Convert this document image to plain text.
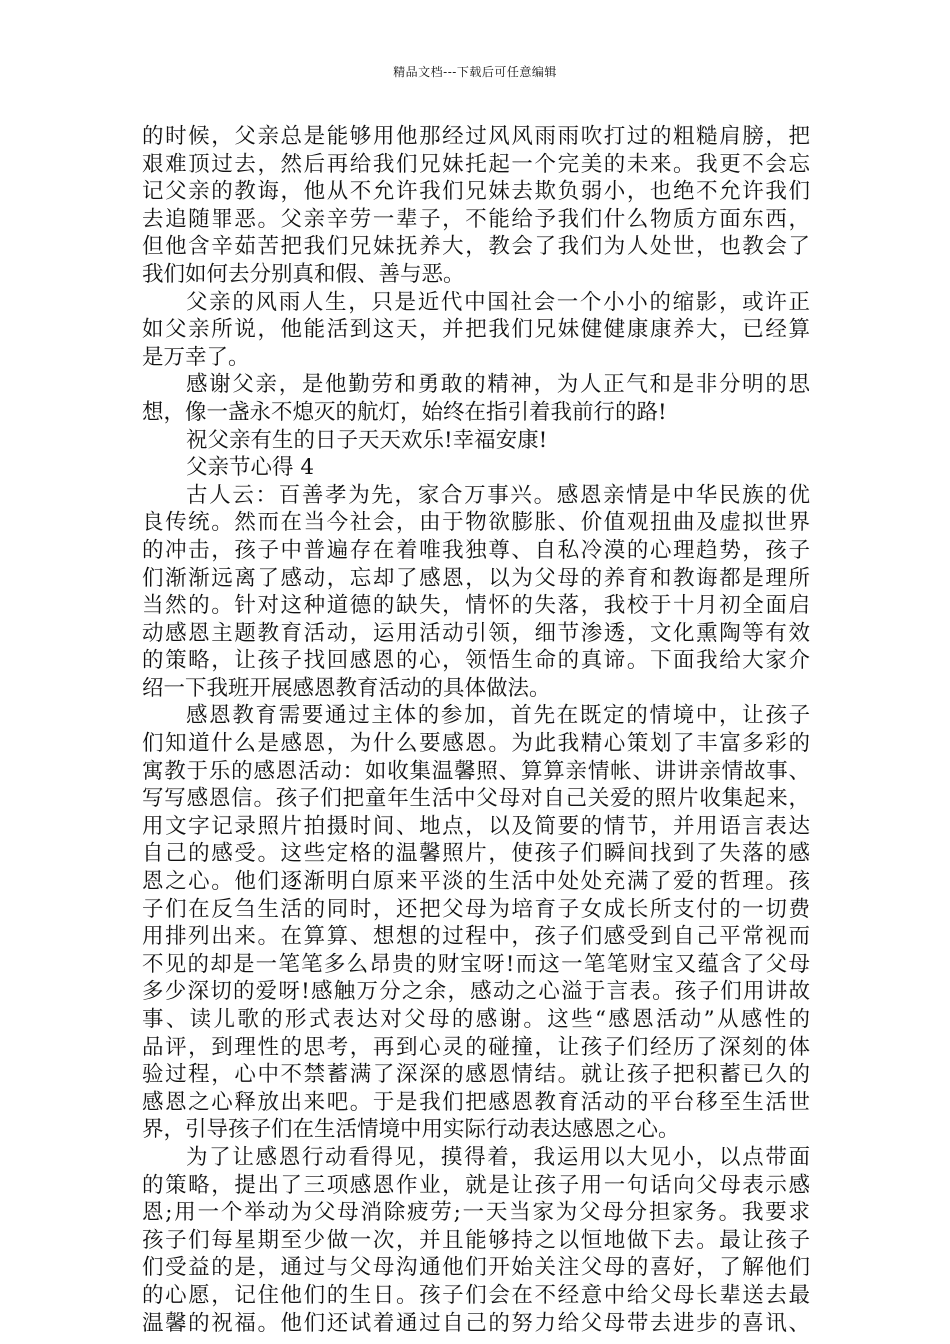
精品文档---下载后可任意编辑
的时候，父亲总是能够用他那经过风风雨雨吹打过的粗糙肩膀，把
艰难顶过去，然后再给我们兄妹托起一个完美的未来。我更不会忘
记父亲的教诲，他从不允许我们兄妹去欺负弱小，也绝不允许我们
去追随罪恶。父亲辛劳一辈子，不能给予我们什么物质方面东西，
但他含辛茹苦把我们兄妹抚养大，教会了我们为人处世，也教会了
我们如何去分别真和假、善与恶。
父亲的风雨人生，只是近代中国社会一个小小的缩影，或许正
如父亲所说，他能活到这天，并把我们兄妹健健康康养大，已经算
是万幸了。
感谢父亲，是他勤劳和勇敢的精神，为人正气和是非分明的思
想，像一盏永不熄灭的航灯，始终在指引着我前行的路!
祝父亲有生的日子天天欢乐!幸福安康!
父亲节心得 4
古人云：百善孝为先，家合万事兴。感恩亲情是中华民族的优
良传统。然而在当今社会，由于物欲膨胀、价值观扭曲及虚拟世界
的冲击，孩子中普遍存在着唯我独尊、自私冷漠的心理趋势，孩子
们渐渐远离了感动，忘却了感恩，以为父母的养育和教诲都是理所
当然的。针对这种道德的缺失，情怀的失落，我校于十月初全面启
动感恩主题教育活动，运用活动引领，细节渗透，文化熏陶等有效
的策略，让孩子找回感恩的心，领悟生命的真谛。下面我给大家介
绍一下我班开展感恩教育活动的具体做法。
感恩教育需要通过主体的参加，首先在既定的情境中，让孩子
们知道什么是感恩，为什么要感恩。为此我精心策划了丰富多彩的
寓教于乐的感恩活动：如收集温馨照、算算亲情帐、讲讲亲情故事、
写写感恩信。孩子们把童年生活中父母对自己关爱的照片收集起来，
用文字记录照片拍摄时间、地点，以及简要的情节，并用语言表达
自己的感受。这些定格的温馨照片，使孩子们瞬间找到了失落的感
恩之心。他们逐渐明白原来平淡的生活中处处充满了爱的哲理。孩
子们在反刍生活的同时，还把父母为培育子女成长所支付的一切费
用排列出来。在算算、想想的过程中，孩子们感受到自己平常视而
不见的却是一笔笔多么昂贵的财宝呀!而这一笔笔财宝又蕴含了父母
多少深切的爱呀!感触万分之余，感动之心溢于言表。孩子们用讲故
事、读儿歌的形式表达对父母的感谢。这些“感恩活动”从感性的
品评，到理性的思考，再到心灵的碰撞，让孩子们经历了深刻的体
验过程，心中不禁蓄满了深深的感恩情结。就让孩子把积蓄已久的
感恩之心释放出来吧。于是我们把感恩教育活动的平台移至生活世
界，引导孩子们在生活情境中用实际行动表达感恩之心。
为了让感恩行动看得见，摸得着，我运用以大见小，以点带面
的策略，提出了三项感恩作业，就是让孩子用一句话向父母表示感
恩;用一个举动为父母消除疲劳;一天当家为父母分担家务。我要求
孩子们每星期至少做一次，并且能够持之以恒地做下去。最让孩子
们受益的是，通过与父母沟通他们开始关注父母的喜好，了解他们
的心愿，记住他们的生日。孩子们会在不经意中给父母长辈送去最
温馨的祝福。他们还试着通过自己的努力给父母带去进步的喜讯、
